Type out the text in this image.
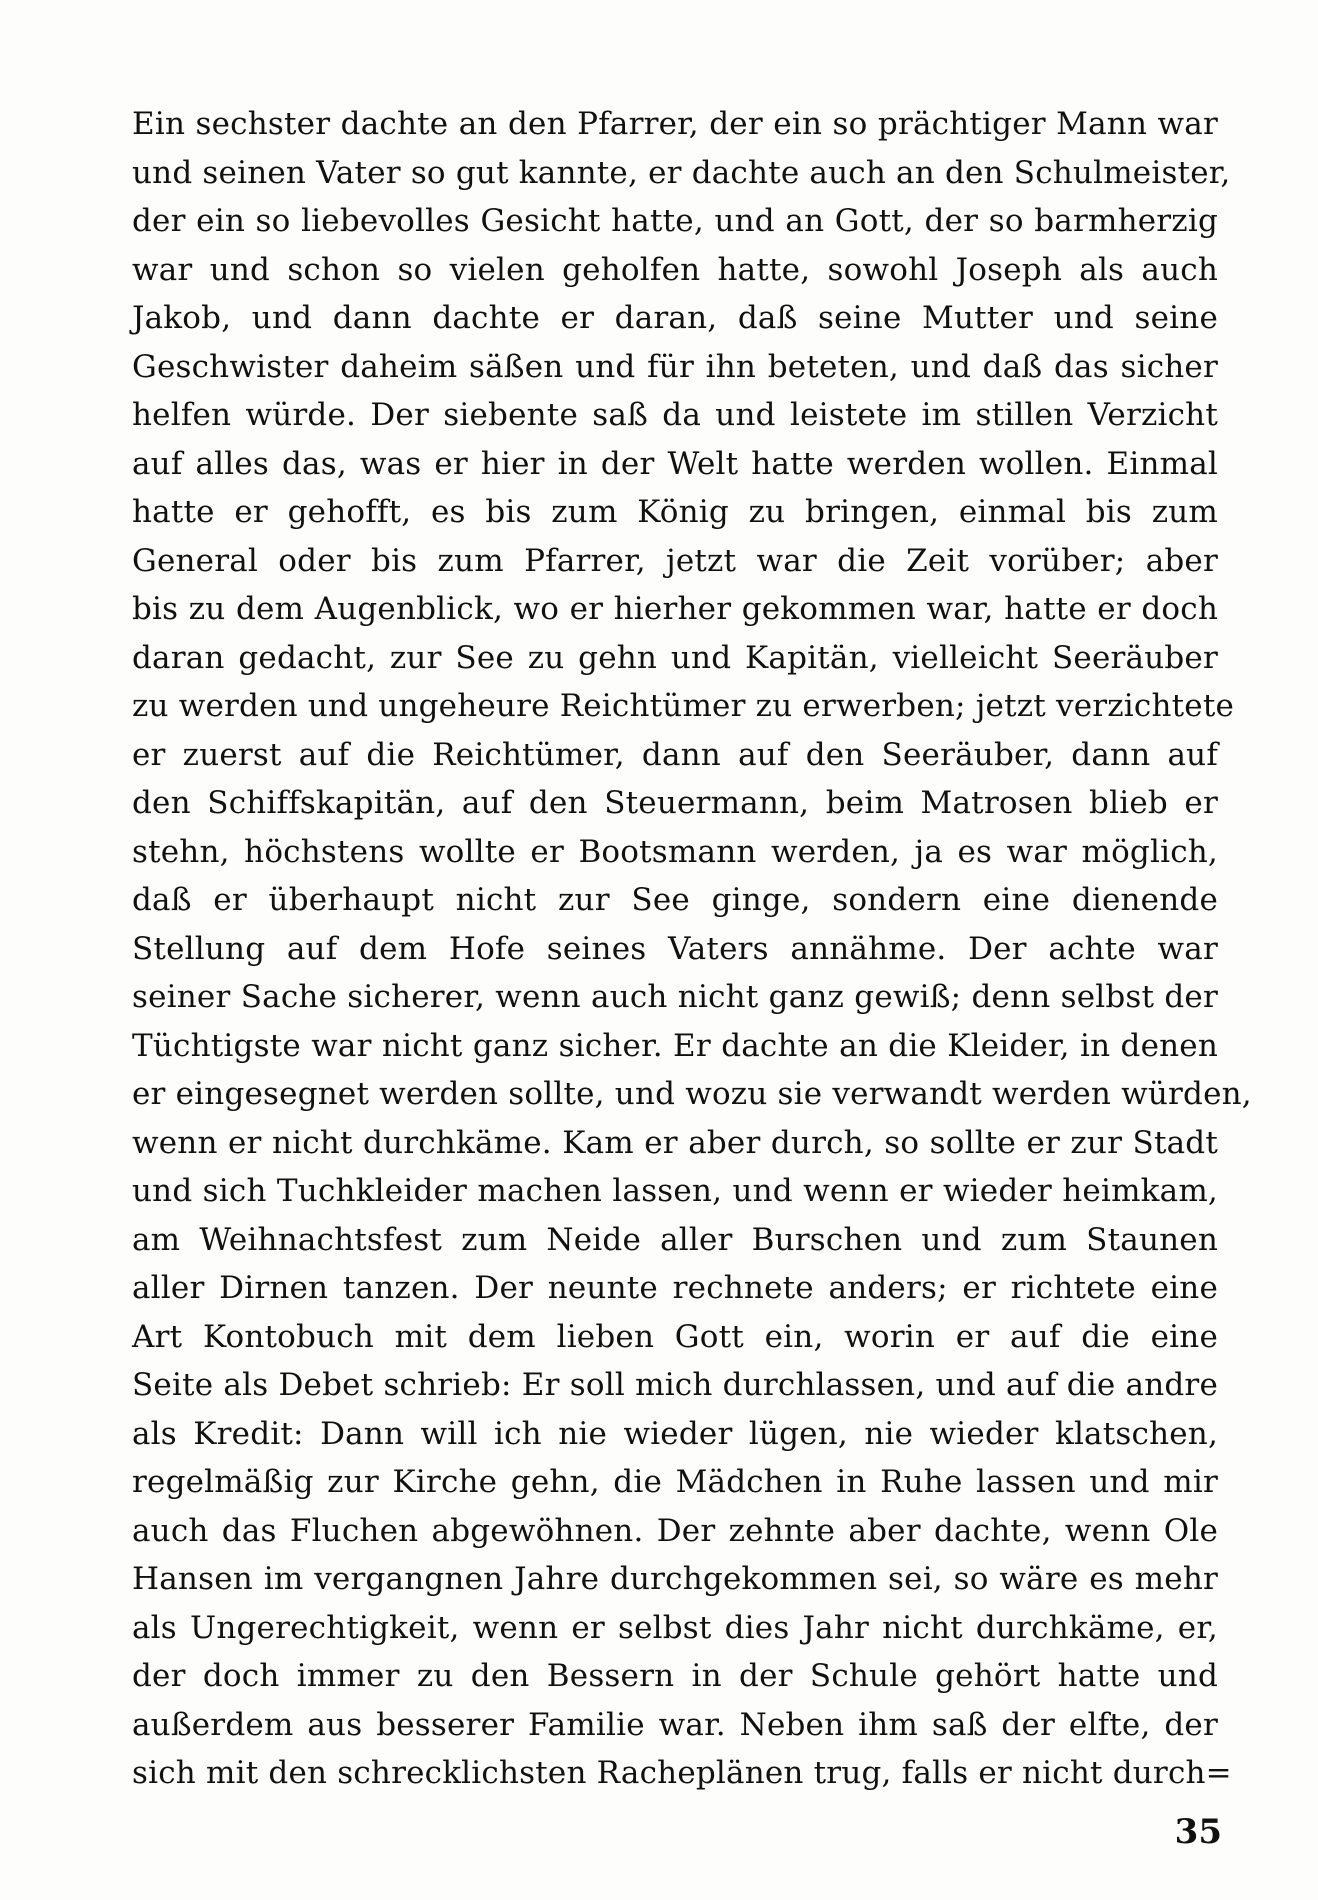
Ein sechster dachte an den Pfarrer, der ein so prächtiger Mann war
und seinen Vater so gut kannte, er dachte auch an den Schulmeister,
der ein so liebevolles Gesicht hatte, und an Gott, der so barmherzig
war und schon so vielen geholfen hatte, sowohl Joseph als auch
Jakob, und dann dachte er daran, daß seine Mutter und seine
Geschwister daheim säßen und für ihn beteten, und daß das sicher
helfen würde. Der siebente saß da und leistete im stillen Verzicht
auf alles das, was er hier in der Welt hatte werden wollen. Einmal
hatte er gehofft, es bis zum König zu bringen, einmal bis zum
General oder bis zum Pfarrer, jetzt war die Zeit vorüber; aber
bis zu dem Augenblick, wo er hierher gekommen war, hatte er doch
daran gedacht, zur See zu gehn und Kapitän, vielleicht Seeräuber
zu werden und ungeheure Reichtümer zu erwerben; jetzt verzichtete
er zuerst auf die Reichtümer, dann auf den Seeräuber, dann auf
den Schiffskapitän, auf den Steuermann, beim Matrosen blieb er
stehn, höchstens wollte er Bootsmann werden, ja es war möglich,
daß er überhaupt nicht zur See ginge, sondern eine dienende
Stellung auf dem Hofe seines Vaters annähme. Der achte war
seiner Sache sicherer, wenn auch nicht ganz gewiß; denn selbst der
Tüchtigste war nicht ganz sicher. Er dachte an die Kleider, in denen
er eingesegnet werden sollte, und wozu sie verwandt werden würden,
wenn er nicht durchkäme. Kam er aber durch, so sollte er zur Stadt
und sich Tuchkleider machen lassen, und wenn er wieder heimkam,
am Weihnachtsfest zum Neide aller Burschen und zum Staunen
aller Dirnen tanzen. Der neunte rechnete anders; er richtete eine
Art Kontobuch mit dem lieben Gott ein, worin er auf die eine
Seite als Debet schrieb: Er soll mich durchlassen, und auf die andre
als Kredit: Dann will ich nie wieder lügen, nie wieder klatschen,
regelmäßig zur Kirche gehn, die Mädchen in Ruhe lassen und mir
auch das Fluchen abgewöhnen. Der zehnte aber dachte, wenn Ole
Hansen im vergangnen Jahre durchgekommen sei, so wäre es mehr
als Ungerechtigkeit, wenn er selbst dies Jahr nicht durchkäme, er,
der doch immer zu den Bessern in der Schule gehört hatte und
außerdem aus besserer Familie war. Neben ihm saß der elfte, der
sich mit den schrecklichsten Racheplänen trug, falls er nicht durch=
35
